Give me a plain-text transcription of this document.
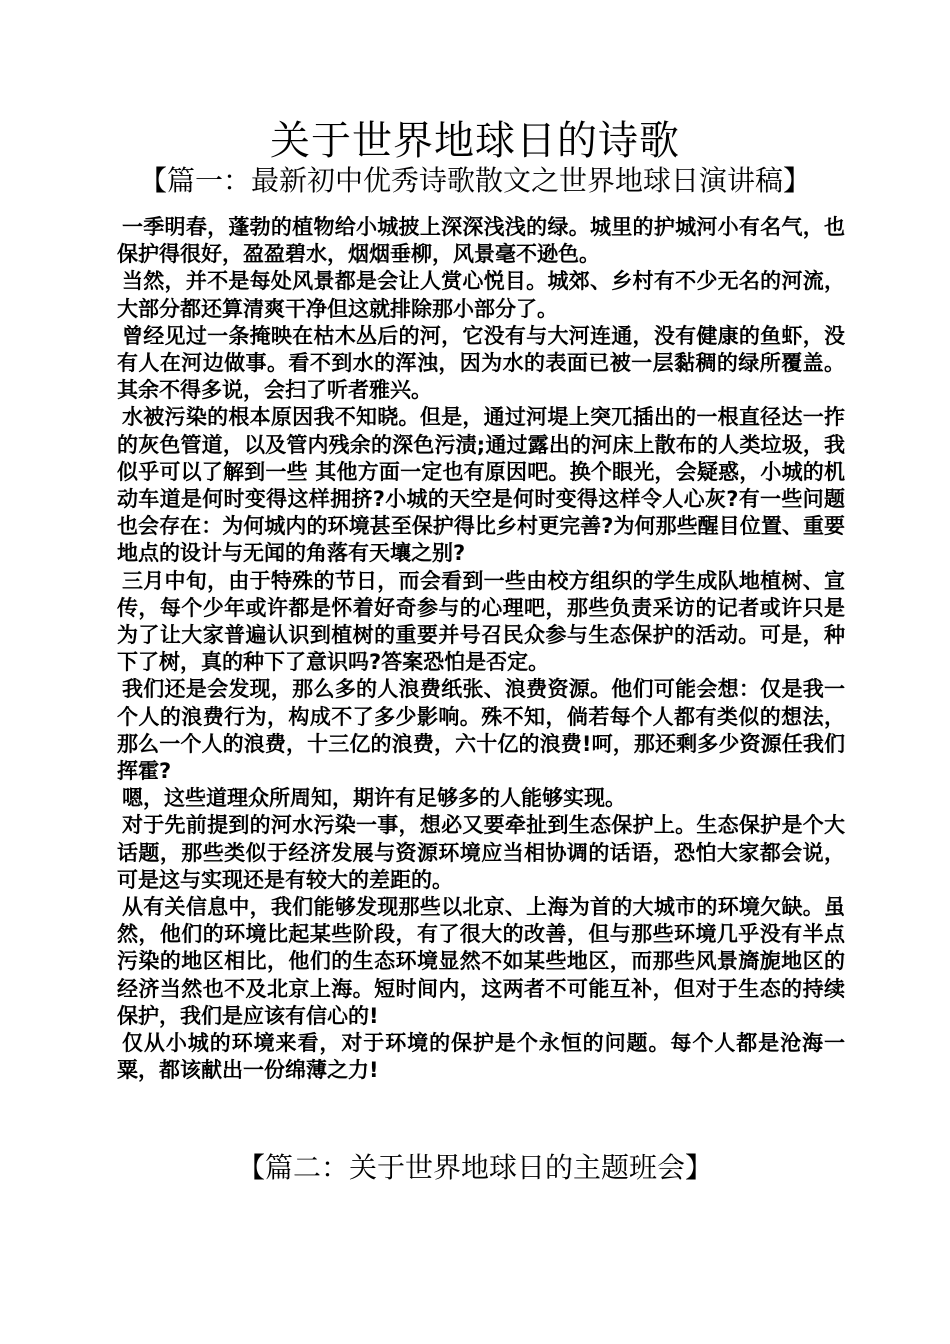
关于世界地球日的诗歌
【篇一：最新初中优秀诗歌散文之世界地球日演讲稿】

一季明春，蓬勃的植物给小城披上深深浅浅的绿。城里的护城河小有名气，也保护得很好，盈盈碧水，烟烟垂柳，风景毫不逊色。

当然，并不是每处风景都是会让人赏心悦目。城郊、乡村有不少无名的河流，大部分都还算清爽干净但这就排除那小部分了。

曾经见过一条掩映在枯木丛后的河，它没有与大河连通，没有健康的鱼虾，没有人在河边做事。看不到水的浑浊，因为水的表面已被一层黏稠的绿所覆盖。其余不得多说，会扫了听者雅兴。

水被污染的根本原因我不知晓。但是，通过河堤上突兀插出的一根直径达一拃的灰色管道，以及管内残余的深色污渍;通过露出的河床上散布的人类垃圾，我似乎可以了解到一些 其他方面一定也有原因吧。换个眼光，会疑惑，小城的机动车道是何时变得这样拥挤?小城的天空是何时变得这样令人心灰?有一些问题也会存在：为何城内的环境甚至保护得比乡村更完善?为何那些醒目位置、重要地点的设计与无闻的角落有天壤之别?

三月中旬，由于特殊的节日，而会看到一些由校方组织的学生成队地植树、宣传，每个少年或许都是怀着好奇参与的心理吧，那些负责采访的记者或许只是为了让大家普遍认识到植树的重要并号召民众参与生态保护的活动。可是，种下了树，真的种下了意识吗?答案恐怕是否定。

我们还是会发现，那么多的人浪费纸张、浪费资源。他们可能会想：仅是我一个人的浪费行为，构成不了多少影响。殊不知，倘若每个人都有类似的想法，那么一个人的浪费，十三亿的浪费，六十亿的浪费!呵，那还剩多少资源任我们挥霍?

嗯，这些道理众所周知，期许有足够多的人能够实现。

对于先前提到的河水污染一事，想必又要牵扯到生态保护上。生态保护是个大话题，那些类似于经济发展与资源环境应当相协调的话语，恐怕大家都会说，可是这与实现还是有较大的差距的。

从有关信息中，我们能够发现那些以北京、上海为首的大城市的环境欠缺。虽然，他们的环境比起某些阶段，有了很大的改善，但与那些环境几乎没有半点污染的地区相比，他们的生态环境显然不如某些地区，而那些风景旖旎地区的经济当然也不及北京上海。短时间内，这两者不可能互补，但对于生态的持续保护，我们是应该有信心的!

仅从小城的环境来看，对于环境的保护是个永恒的问题。每个人都是沧海一粟，都该献出一份绵薄之力!

【篇二：关于世界地球日的主题班会】
